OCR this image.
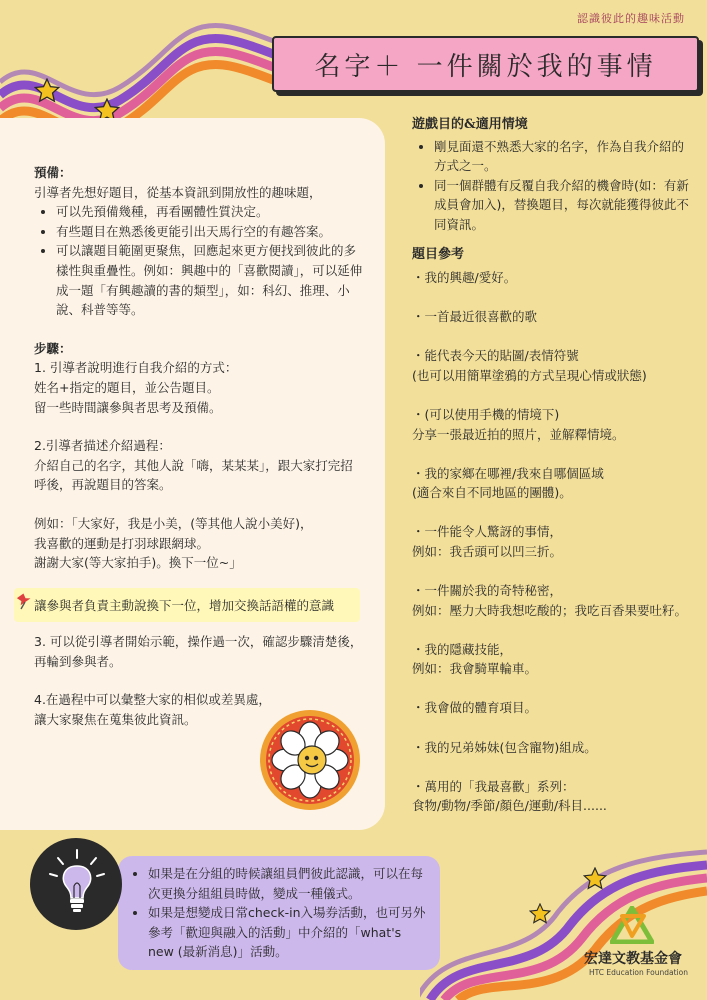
認識彼此的趣味活動
名字＋ 一件關於我的事情
預備：
引導者先想好題目，從基本資訊到開放性的趣味題，
• 可以先預備幾種，再看團體性質決定。
• 有些題目在熟悉後更能引出天馬行空的有趣答案。
• 可以讓題目範圍更聚焦，回應起來更方便找到彼此的多樣性與重疊性。例如：興趣中的「喜歡閱讀」，可以延伸成一題「有興趣讀的書的類型」，如：科幻、推理、小說、科普等等。
步驟：
1. 引導者說明進行自我介紹的方式：
姓名+指定的題目，並公告題目。
留一些時間讓參與者思考及預備。
2.引導者描述介紹過程：
介紹自己的名字，其他人說「嗨，某某某」，跟大家打完招呼後，再說題目的答案。
例如：「大家好，我是小美，(等其他人說小美好)，
我喜歡的運動是打羽球跟網球。
謝謝大家(等大家拍手)。換下一位~」
讓參與者負責主動說換下一位，增加交換話語權的意識
3. 可以從引導者開始示範，操作過一次，確認步驟清楚後，再輪到參與者。
4.在過程中可以彙整大家的相似或差異處，
讓大家聚焦在蒐集彼此資訊。
遊戲目的&適用情境
• 剛見面還不熟悉大家的名字，作為自我介紹的方式之一。
• 同一個群體有反覆自我介紹的機會時(如：有新成員會加入)，替換題目，每次就能獲得彼此不同資訊。
題目參考
・我的興趣/愛好。
・一首最近很喜歡的歌
・能代表今天的貼圖/表情符號
(也可以用簡單塗鴉的方式呈現心情或狀態)
・(可以使用手機的情境下)
分享一張最近拍的照片，並解釋情境。
・我的家鄉在哪裡/我來自哪個區域
(適合來自不同地區的團體)。
・一件能令人驚訝的事情，
例如：我舌頭可以凹三折。
・一件關於我的奇特秘密，
例如：壓力大時我想吃酸的；我吃百香果要吐籽。
・我的隱藏技能，
例如：我會騎單輪車。
・我會做的體育項目。
・我的兄弟姊妹(包含寵物)組成。
・萬用的「我最喜歡」系列：
食物/動物/季節/顏色/運動/科目......
• 如果是在分組的時候讓組員們彼此認識，可以在每次更換分組組員時做，變成一種儀式。
• 如果是想變成日常check-in入場券活動，也可另外參考「歡迎與融入的活動」中介紹的「what's new (最新消息)」活動。	宏達文教基金會
HTC Education Foundation
